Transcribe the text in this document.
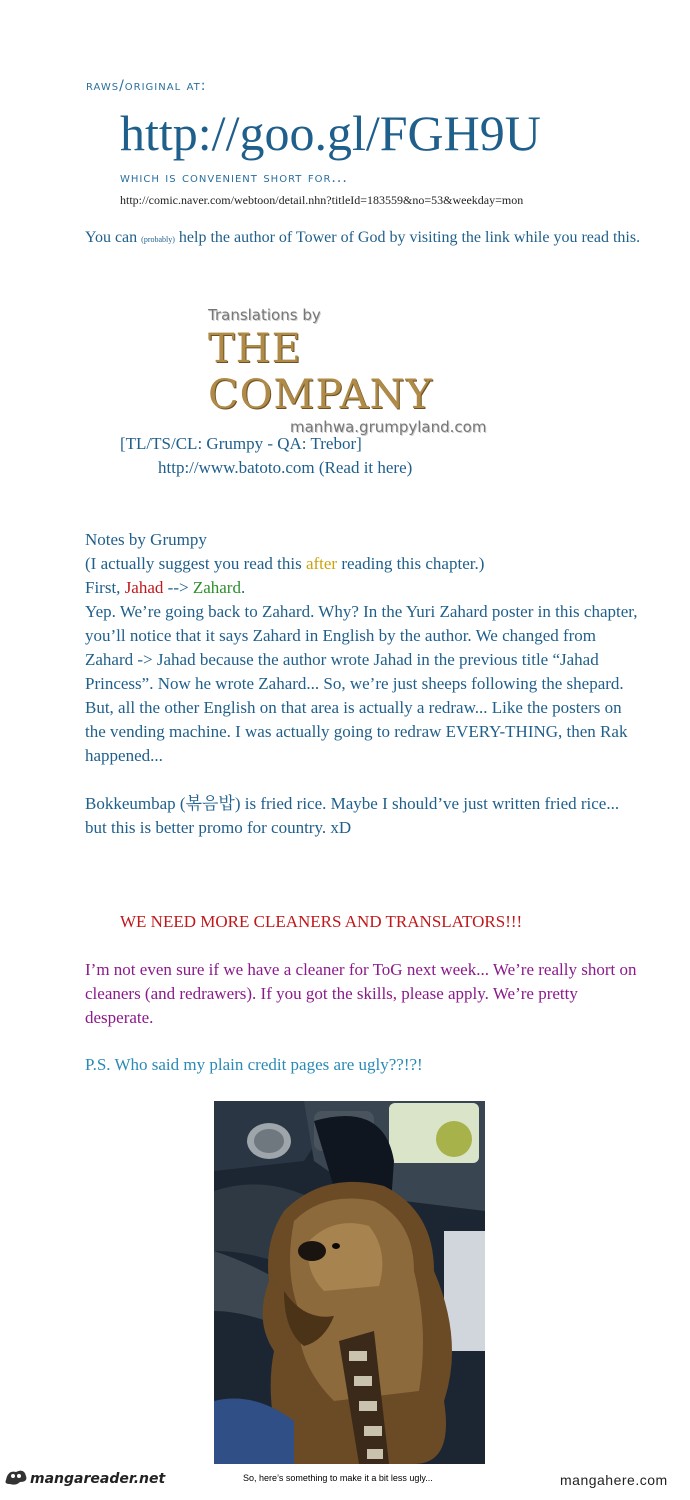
raws/original at:
http://goo.gl/FGH9U
which is convenient short for...
http://comic.naver.com/webtoon/detail.nhn?titleId=183559&no=53&weekday=mon
You can (probably) help the author of Tower of God by visiting the link while you read this.
Translations by
THE COMPANY
manhwa.grumpyland.com
[TL/TS/CL: Grumpy - QA: Trebor]
http://www.batoto.com (Read it here)

Notes by Grumpy

(I actually suggest you read this after reading this chapter.)

First, Jahad --> Zahard.

Yep. We’re going back to Zahard. Why? In the Yuri Zahard poster in this chapter, you’ll notice that it says Zahard in English by the author. We changed from Zahard -> Jahad because the author wrote Jahad in the previous title “Jahad Princess”. Now he wrote Zahard... So, we’re just sheeps following the shepard. But, all the other English on that area is actually a redraw... Like the posters on the vending machine. I was actually going to redraw EVERY-THING, then Rak happened...

Bokkeumbap (볶음밥) is fried rice. Maybe I should’ve just written fried rice... but this is better promo for country. xD

WE NEED MORE CLEANERS AND TRANSLATORS!!!
I’m not even sure if we have a cleaner for ToG next week... We’re really short on cleaners (and redrawers). If you got the skills, please apply. We’re pretty desperate.
P.S. Who said my plain credit pages are ugly??!?!
So, here’s something to make it a bit less ugly...
mangareader.net	mangahere.com
